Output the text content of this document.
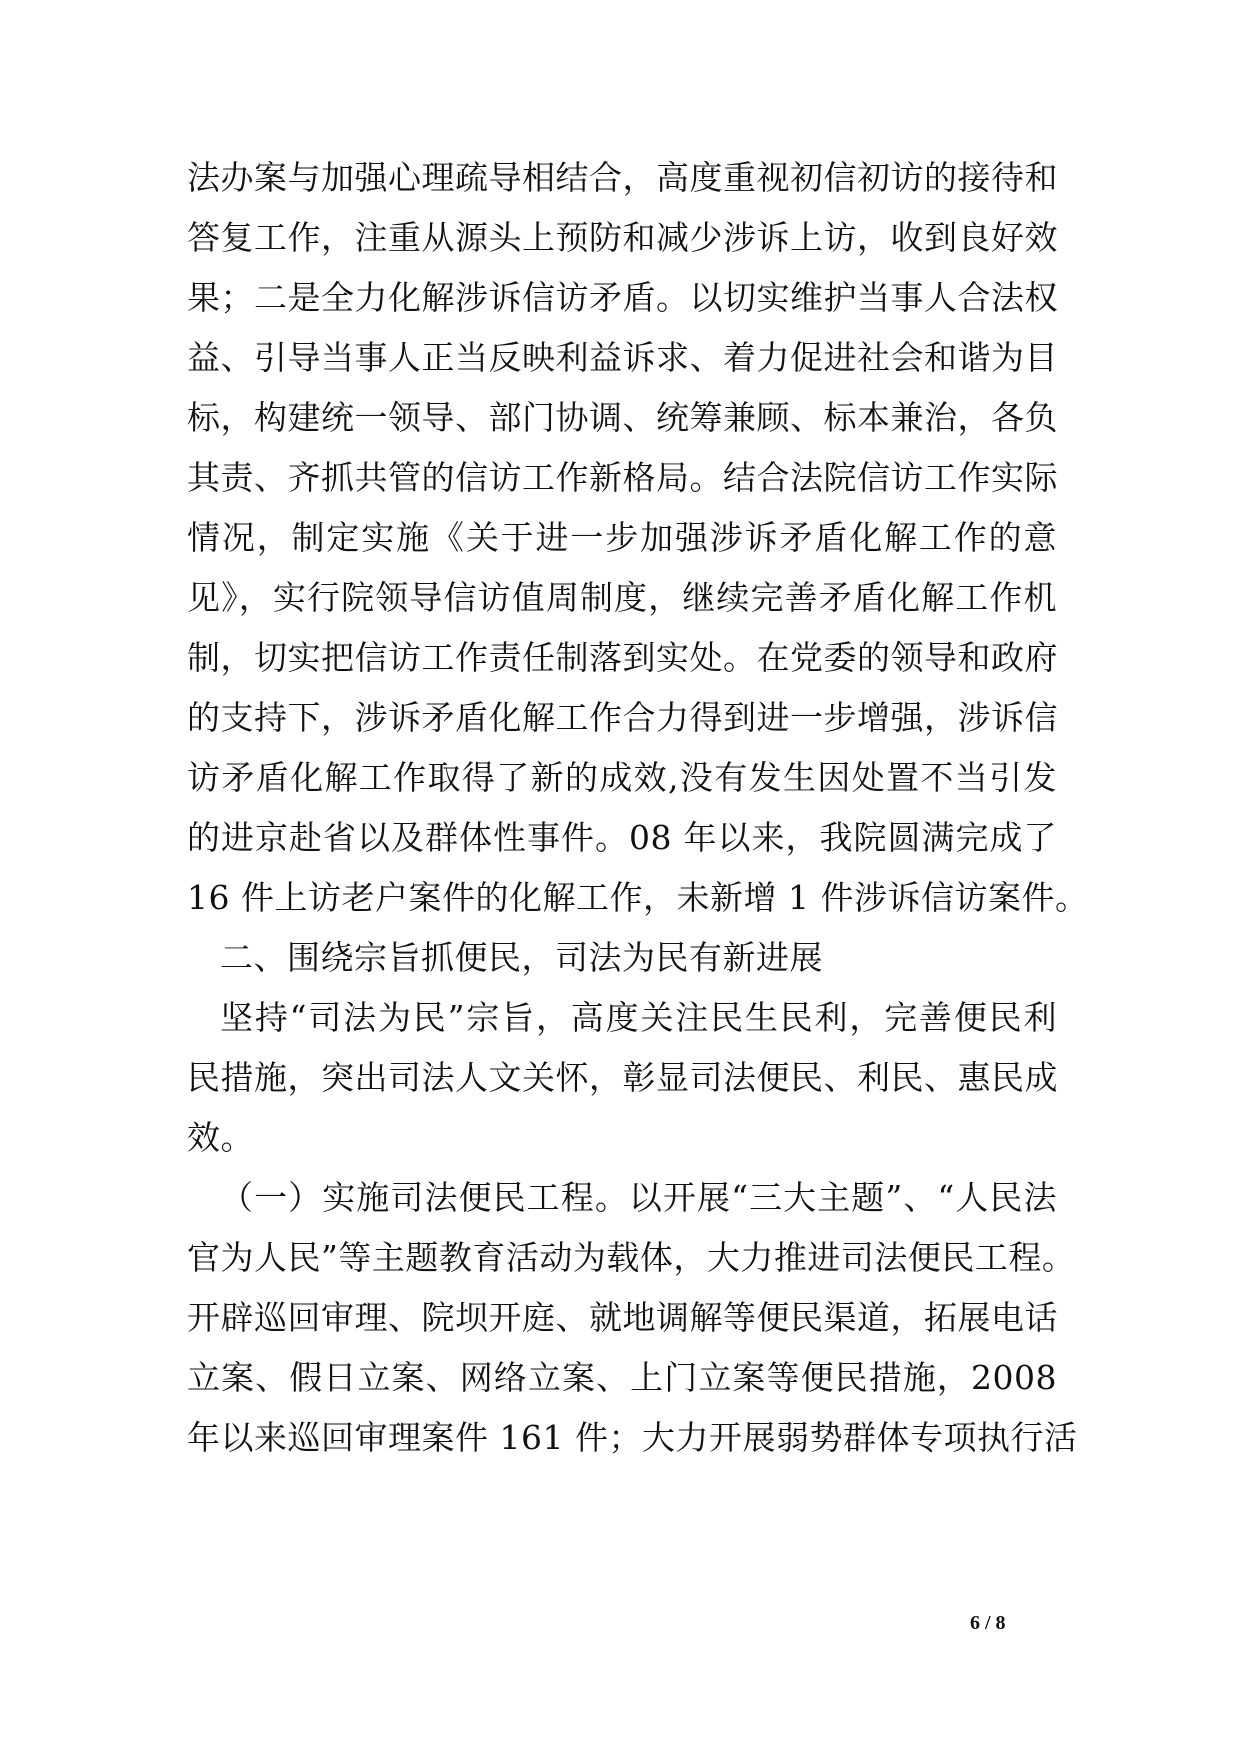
法办案与加强心理疏导相结合，高度重视初信初访的接待和
答复工作，注重从源头上预防和减少涉诉上访，收到良好效
果；二是全力化解涉诉信访矛盾。以切实维护当事人合法权
益、引导当事人正当反映利益诉求、着力促进社会和谐为目
标，构建统一领导、部门协调、统筹兼顾、标本兼治，各负
其责、齐抓共管的信访工作新格局。结合法院信访工作实际
情况，制定实施《关于进一步加强涉诉矛盾化解工作的意
见》，实行院领导信访值周制度，继续完善矛盾化解工作机
制，切实把信访工作责任制落到实处。在党委的领导和政府
的支持下，涉诉矛盾化解工作合力得到进一步增强，涉诉信
访矛盾化解工作取得了新的成效,没有发生因处置不当引发
的进京赴省以及群体性事件。08 年以来，我院圆满完成了
16 件上访老户案件的化解工作，未新增 1 件涉诉信访案件。
二、围绕宗旨抓便民，司法为民有新进展
坚持“司法为民”宗旨，高度关注民生民利，完善便民利
民措施，突出司法人文关怀，彰显司法便民、利民、惠民成
效。
（一）实施司法便民工程。以开展“三大主题”、“人民法
官为人民”等主题教育活动为载体，大力推进司法便民工程。
开辟巡回审理、院坝开庭、就地调解等便民渠道，拓展电话
立案、假日立案、网络立案、上门立案等便民措施，2008
年以来巡回审理案件 161 件；大力开展弱势群体专项执行活
6 / 8
